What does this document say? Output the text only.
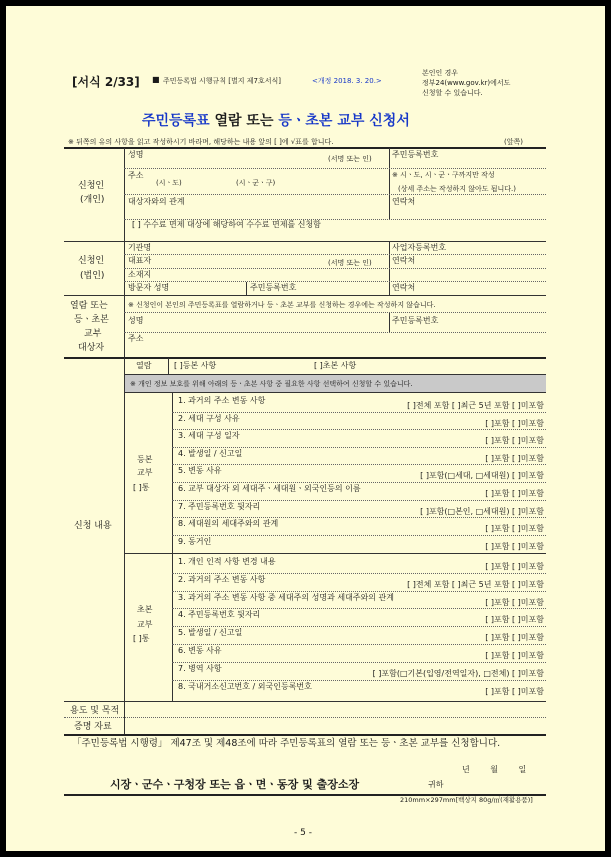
[서식 2/33] ■ 주민등록법 시행규칙 [별지 제7호서식]	<개정 2018. 3. 20.>
본인인 경우
정부24(www.gov.kr)에서도
신청할 수 있습니다.
주민등록표 열람 또는 등ㆍ초본 교부 신청서
※ 뒤쪽의 유의 사항을 읽고 작성하시기 바라며, 해당하는 내용 앞의 [ ]에 √표를 합니다.	(앞쪽)
신청인
(개인)
성명	(서명 또는 인)	주민등록번호
주소
(시ㆍ도)	(시ㆍ군ㆍ구)
※ 시ㆍ도, 시ㆍ군ㆍ구까지만 작성
(상세 주소는 작성하지 않아도 됩니다.)
대상자와의 관계	연락처
[ ] 수수료 면제 대상에 해당하여 수수료 면제를 신청함
신청인
(법인)
기관명	사업자등록번호
대표자	(서명 또는 인)	연락처
소재지
방문자 성명	주민등록번호	연락처
열람 또는
등ㆍ초본
교부
대상자
※ 신청인이 본인의 주민등록표를 열람하거나 등ㆍ초본 교부를 신청하는 경우에는 작성하지 않습니다.
성명	주민등록번호
주소
신청 내용
열람	[ ]등본 사항	[ ]초본 사항
※ 개인 정보 보호를 위해 아래의 등ㆍ초본 사항 중 필요한 사항 선택하여 신청할 수 있습니다.
등본
교부
[ ]통
1. 과거의 주소 변동 사항
[ ]전체 포함 [ ]최근 5년 포함 [ ]미포함
2. 세대 구성 사유
[ ]포함 [ ]미포함
3. 세대 구성 일자
[ ]포함 [ ]미포함
4. 발생일 / 신고일
[ ]포함 [ ]미포함
5. 변동 사유
[ ]포함(□세대, □세대원) [ ]미포함
6. 교부 대상자 외 세대주ㆍ세대원ㆍ외국인등의 이름
[ ]포함 [ ]미포함
7. 주민등록번호 뒷자리
[ ]포함(□본인, □세대원) [ ]미포함
8. 세대원의 세대주와의 관계
[ ]포함 [ ]미포함
9. 동거인
[ ]포함 [ ]미포함
초본
교부
[ ]통
1. 개인 인적 사항 변경 내용
[ ]포함 [ ]미포함
2. 과거의 주소 변동 사항
[ ]전체 포함 [ ]최근 5년 포함 [ ]미포함
3. 과거의 주소 변동 사항 중 세대주의 성명과 세대주와의 관계
[ ]포함 [ ]미포함
4. 주민등록번호 뒷자리
[ ]포함 [ ]미포함
5. 발생일 / 신고일
[ ]포함 [ ]미포함
6. 변동 사유
[ ]포함 [ ]미포함
7. 병역 사항
[ ]포함(□기본(입영/전역일자), □전체) [ ]미포함
8. 국내거소신고번호 / 외국인등록번호
[ ]포함 [ ]미포함
용도 및 목적
증명 자료
「주민등록법 시행령」 제47조 및 제48조에 따라 주민등록표의 열람 또는 등ㆍ초본 교부를 신청합니다.
년 월 일
시장ㆍ군수ㆍ구청장 또는 읍ㆍ면ㆍ동장 및 출장소장	귀하
210mm×297mm[백상지 80g/㎡(재활용품)]
- 5 -
